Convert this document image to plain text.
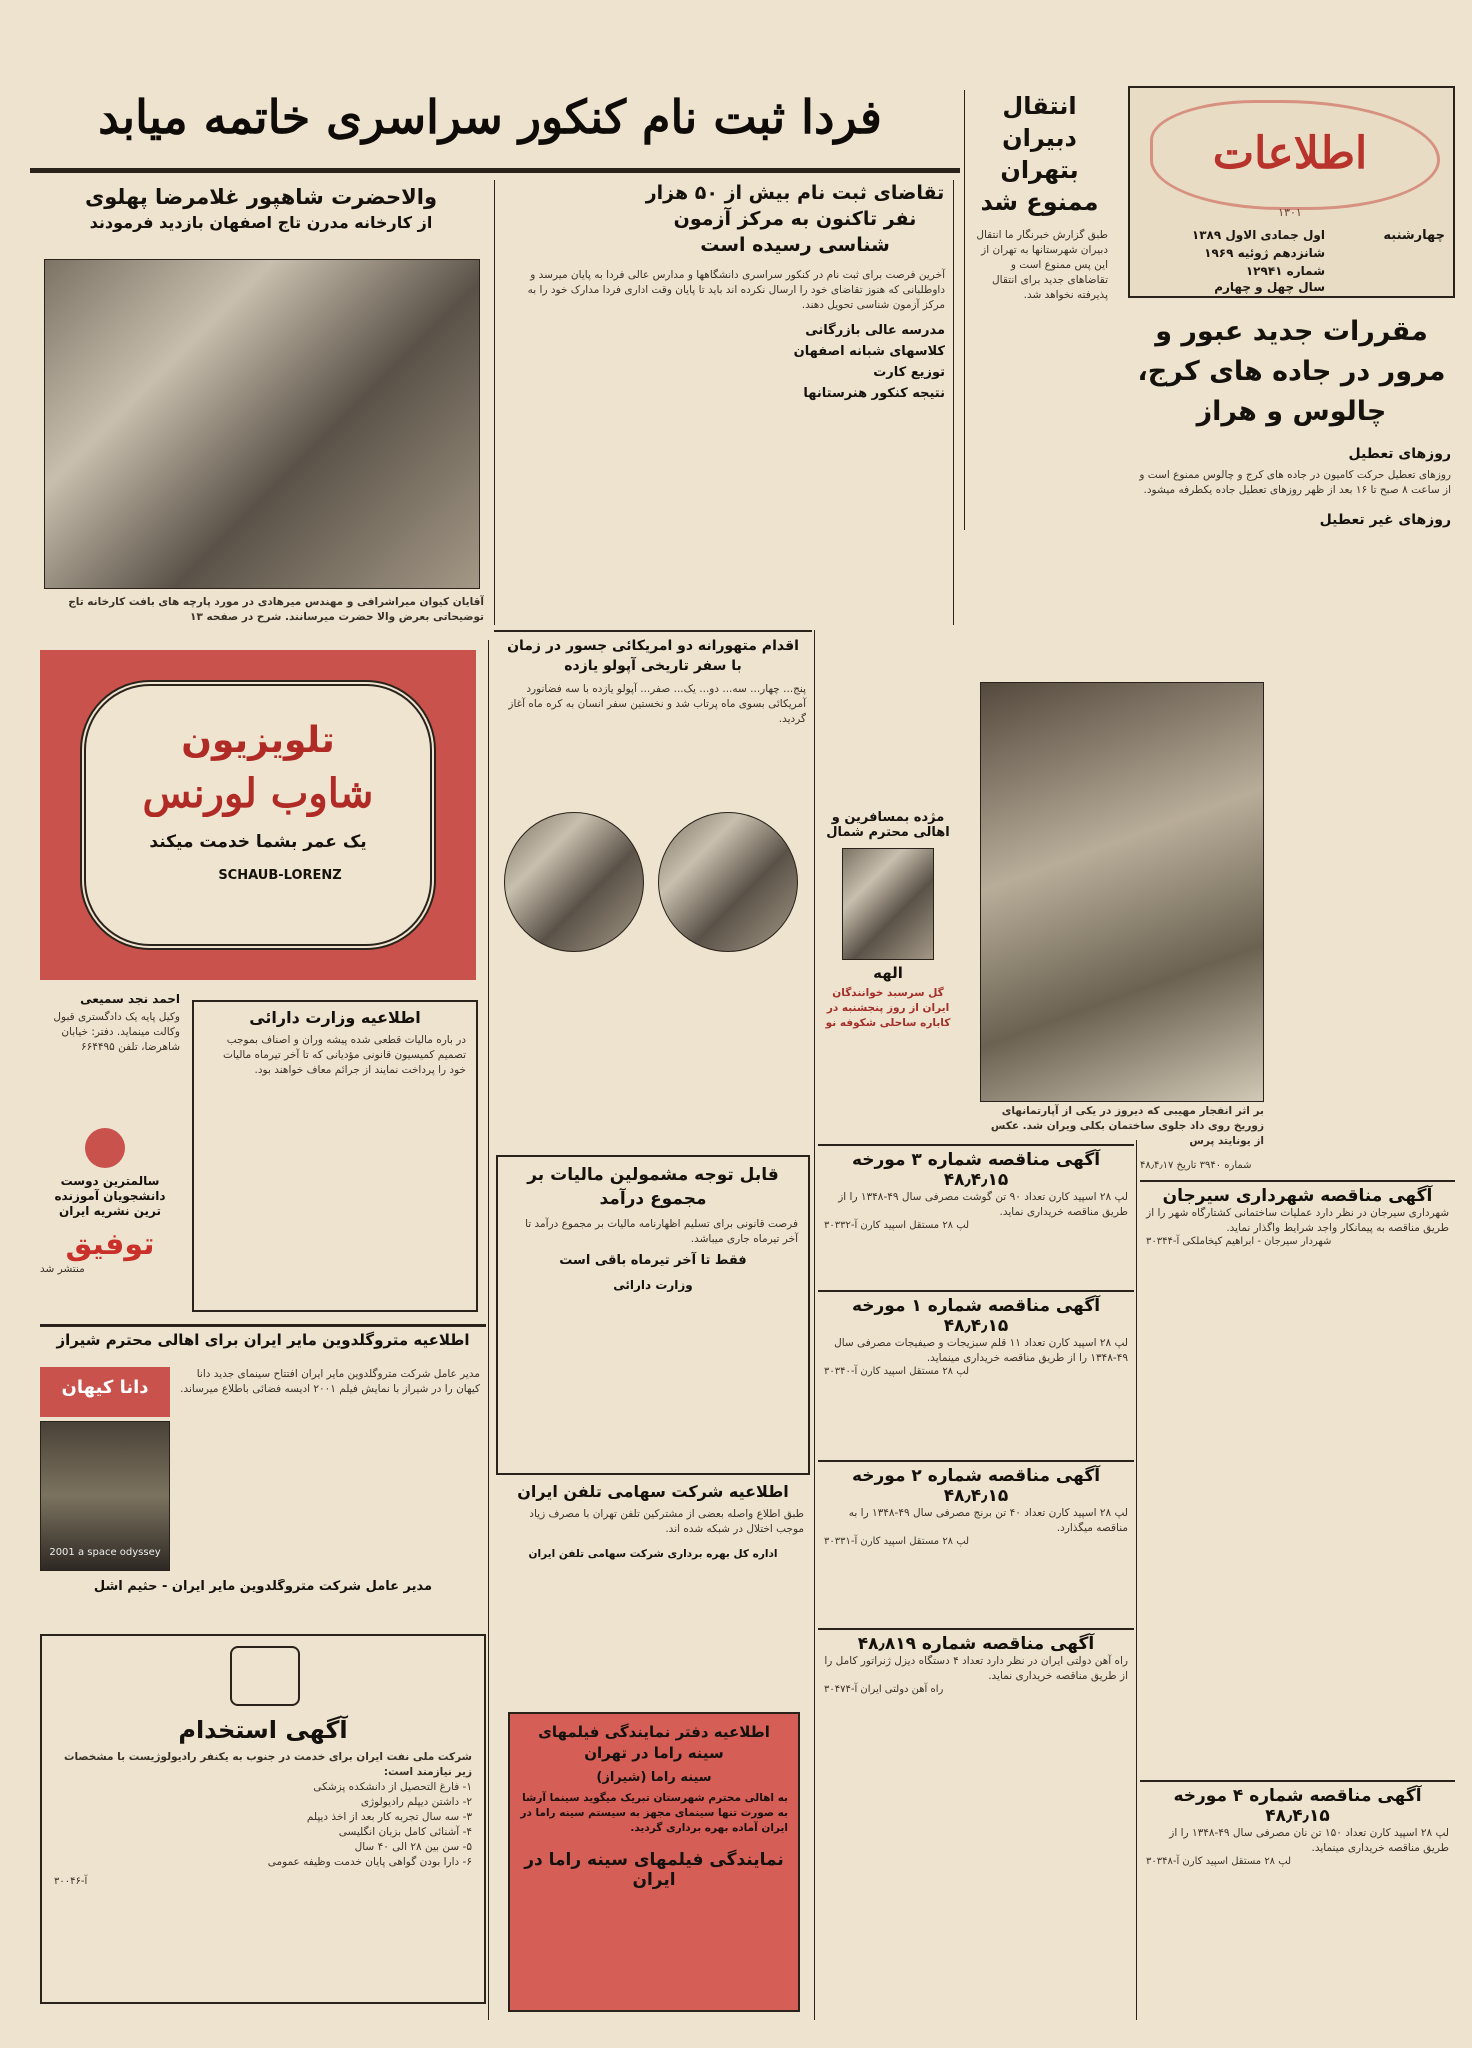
اطلاعات
۱۳۰۱
چهارشنبه
اول جمادی الاول ۱۳۸۹
شانزدهم ژوئیه ۱۹۶۹
شماره ۱۲۹۴۱
سال چهل و چهارم
فردا ثبت نام کنکور سراسری خاتمه میابد	انتقال دبیران بتهران ممنوع شد
طبق گزارش خبرنگار ما انتقال دبیران شهرستانها به تهران از این پس ممنوع است و تقاضاهای جدید برای انتقال پذیرفته نخواهد شد.
مقررات جدید عبور و مرور در جاده های کرج، چالوس و هراز
روزهای تعطیل
روزهای تعطیل حرکت کامیون در جاده های کرج و چالوس ممنوع است و از ساعت ۸ صبح تا ۱۶ بعد از ظهر روزهای تعطیل جاده یکطرفه میشود.
روزهای غیر تعطیل
تقاضای ثبت نام بیش از ۵۰ هزار نفر تاکنون به مرکز آزمون شناسی رسیده است
آخرین فرصت برای ثبت نام در کنکور سراسری دانشگاهها و مدارس عالی فردا به پایان میرسد و داوطلبانی که هنوز تقاضای خود را ارسال نکرده اند باید تا پایان وقت اداری فردا مدارک خود را به مرکز آزمون شناسی تحویل دهند.
مدرسه عالی بازرگانی
کلاسهای شبانه اصفهان
توزیع کارت
نتیجه کنکور هنرستانها
والاحضرت شاهپور غلامرضا پهلوی
از کارخانه مدرن تاج اصفهان بازدید فرمودند
آقایان کیوان میراشرافی و مهندس میرهادی در مورد پارچه های بافت کارخانه تاج توضیحاتی بعرض والا حضرت میرسانند. شرح در صفحه ۱۳
تلویزیون
شاوب لورنس
یک عمر بشما خدمت میکند
SCHAUB-LORENZ
احمد نجد سمیعی
وکیل پایه یک دادگستری قبول وکالت مینماید. دفتر: خیابان شاهرضا، تلفن ۶۶۴۴۹۵
سالمترین دوست دانشجویان آموزنده ترین نشریه ایران
توفیق
منتشر شد
اطلاعیه وزارت دارائی
در باره مالیات قطعی شده پیشه وران و اصناف بموجب تصمیم کمیسیون قانونی مؤدیانی که تا آخر تیرماه مالیات خود را پرداخت نمایند از جرائم معاف خواهند بود.
اطلاعیه متروگلدوین مایر ایران برای اهالی محترم شیراز
دانا کیهان
2001 a space odyssey
مدیر عامل شرکت متروگلدوین مایر ایران افتتاح سینمای جدید دانا کیهان را در شیراز با نمایش فیلم ۲۰۰۱ ادیسه فضائی باطلاع میرساند.
مدیر عامل شرکت متروگلدوین مایر ایران - حثیم اشل
آگهی استخدام
شرکت ملی نفت ایران برای خدمت در جنوب به یکنفر رادیولوژیست با مشخصات زیر نیازمند است:
۱- فارغ التحصیل از دانشکده پزشکی
۲- داشتن دیپلم رادیولوژی
۳- سه سال تجربه کار بعد از اخذ دیپلم
۴- آشنائی کامل بزبان انگلیسی
۵- سن بین ۲۸ الی ۴۰ سال
۶- دارا بودن گواهی پایان خدمت وظیفه عمومی
آ-۳۰۰۴۶
اقدام متهورانه دو امریکائی جسور در زمان با سفر تاریخی آپولو یازده
پنج... چهار... سه... دو... یک... صفر... آپولو یازده با سه فضانورد آمریکائی بسوی ماه پرتاب شد و نخستین سفر انسان به کره ماه آغاز گردید.
مژده بمسافرین و اهالی محترم شمال
الهه
گل سرسبد خوانندگان ایران از روز پنجشنبه در کاباره ساحلی شکوفه نو
بر اثر انفجار مهیبی که دیروز در یکی از آپارتمانهای زوریخ روی داد جلوی ساختمان بکلی ویران شد. عکس از یونایتد پرس
قابل توجه مشمولین مالیات بر مجموع درآمد
فرصت قانونی برای تسلیم اظهارنامه مالیات بر مجموع درآمد تا آخر تیرماه جاری میباشد.
فقط تا آخر تیرماه باقی است
وزارت دارائی
اطلاعیه شرکت سهامی تلفن ایران
طبق اطلاع واصله بعضی از مشترکین تلفن تهران با مصرف زیاد موجب اختلال در شبکه شده اند.
اداره کل بهره برداری شرکت سهامی تلفن ایران
اطلاعیه دفتر نمایندگی فیلمهای سینه راما در تهران
سینه راما (شیراز)
به اهالی محترم شهرستان تبریک میگوید سینما آرشا به صورت تنها سینمای مجهز به سیستم سینه راما در ایران آماده بهره برداری گردید.
نمایندگی فیلمهای سینه راما در ایران
آگهی مناقصه شماره ۳ مورخه ۴۸٫۴٫۱۵
لپ ۲۸ اسپید کارن تعداد ۹۰ تن گوشت مصرفی سال ۴۹-۱۳۴۸ را از طریق مناقصه خریداری نماید.
لپ ۲۸ مستقل اسپید کارن آ-۳۰۳۳۲
آگهی مناقصه شماره ۱ مورخه ۴۸٫۴٫۱۵
لپ ۲۸ اسپید کارن تعداد ۱۱ قلم سبزیجات و صیفیجات مصرفی سال ۴۹-۱۳۴۸ را از طریق مناقصه خریداری مینماید.
لپ ۲۸ مستقل اسپید کارن آ-۳۰۳۴۰
آگهی مناقصه شماره ۲ مورخه ۴۸٫۴٫۱۵
لپ ۲۸ اسپید کارن تعداد ۴۰ تن برنج مصرفی سال ۴۹-۱۳۴۸ را به مناقصه میگذارد.
لپ ۲۸ مستقل اسپید کارن آ-۳۰۳۳۱
آگهی مناقصه شماره ۴۸٫۸۱۹
راه آهن دولتی ایران در نظر دارد تعداد ۴ دستگاه دیزل ژنراتور کامل را از طریق مناقصه خریداری نماید.
راه آهن دولتی ایران آ-۳۰۴۷۴
شماره ۳۹۴۰ تاریخ ۴۸٫۴٫۱۷
آگهی مناقصه شهرداری سیرجان
شهرداری سیرجان در نظر دارد عملیات ساختمانی کشتارگاه شهر را از طریق مناقصه به پیمانکار واجد شرایط واگذار نماید.
شهردار سیرجان - ابراهیم کیخاملکی آ-۳۰۳۴۴
آگهی مناقصه شماره ۴ مورخه ۴۸٫۴٫۱۵
لپ ۲۸ اسپید کارن تعداد ۱۵۰ تن نان مصرفی سال ۴۹-۱۳۴۸ را از طریق مناقصه خریداری مینماید.
لپ ۲۸ مستقل اسپید کارن آ-۳۰۳۴۸
